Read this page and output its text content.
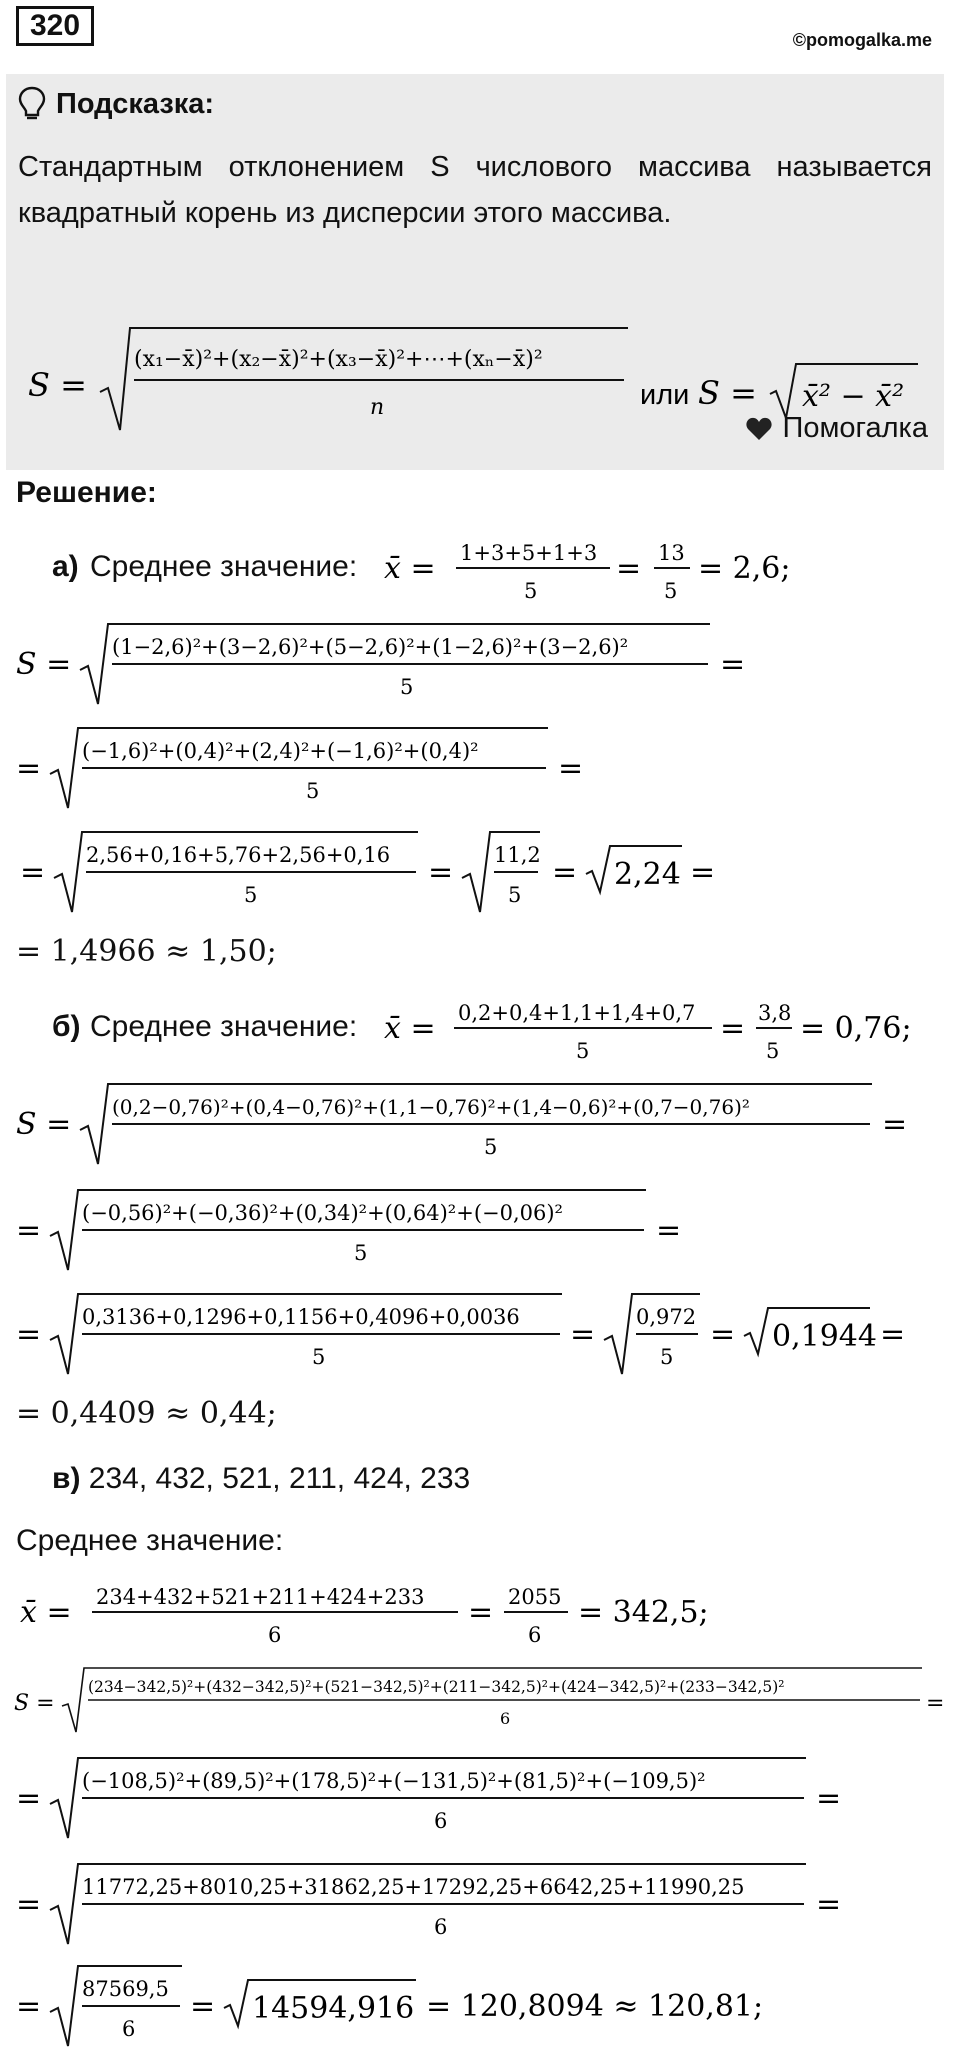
320	©pomogalka.me
Подсказка:
Стандартным отклонением S числового массива называется квадратный корень из дисперсии этого массива.
S =
(x₁−x̄)²+(x₂−x̄)²+(x₃−x̄)²+⋯+(xₙ−x̄)²
n	или S = x̄² − x̄²
Помогалка
Решение:
а) Среднее значение: x̄ = 1+3+5+1+3
5
= 13
5
= 2,6;
S = (1−2,6)²+(3−2,6)²+(5−2,6)²+(1−2,6)²+(3−2,6)²
5
=
= (−1,6)²+(0,4)²+(2,4)²+(−1,6)²+(0,4)²
5
=
= 2,56+0,16+5,76+2,56+0,16
5
= 11,2
5
= 2,24 =
= 1,4966 ≈ 1,50;
б) Среднее значение: x̄ = 0,2+0,4+1,1+1,4+0,7
5
= 3,8
5
= 0,76;
S = (0,2−0,76)²+(0,4−0,76)²+(1,1−0,76)²+(1,4−0,6)²+(0,7−0,76)²
5
=
= (−0,56)²+(−0,36)²+(0,34)²+(0,64)²+(−0,06)²
5
=
= 0,3136+0,1296+0,1156+0,4096+0,0036
5
= 0,972
5
= 0,1944 =
= 0,4409 ≈ 0,44;
в) 234, 432, 521, 211, 424, 233
Среднее значение:
x̄ = 234+432+521+211+424+233
6
= 2055
6
= 342,5;
S =
(234−342,5)²+(432−342,5)²+(521−342,5)²+(211−342,5)²+(424−342,5)²+(233−342,5)²
6
=
= (−108,5)²+(89,5)²+(178,5)²+(−131,5)²+(81,5)²+(−109,5)²
6
=
= 11772,25+8010,25+31862,25+17292,25+6642,25+11990,25
6
=
= 87569,5
6
= 14594,916 = 120,8094 ≈ 120,81;
